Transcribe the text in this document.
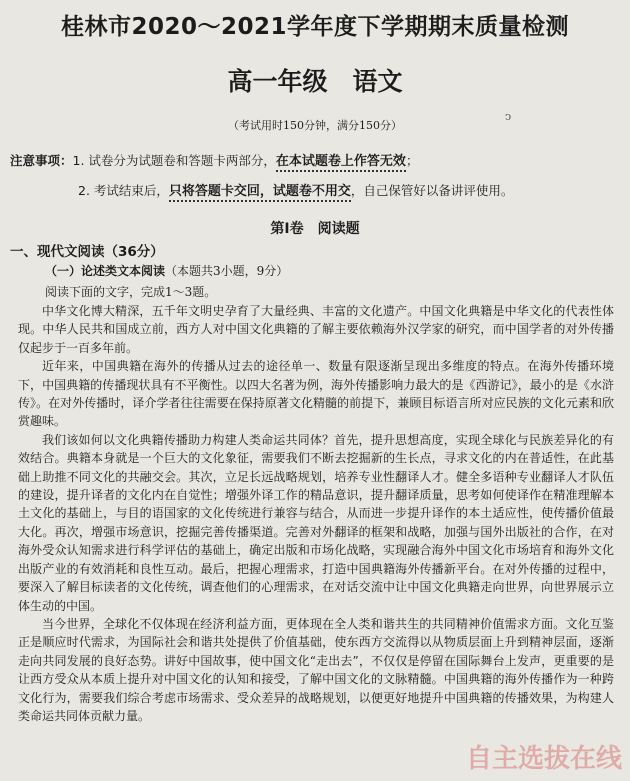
桂林市2020～2021学年度下学期期末质量检测
高一年级　语文
ͻ
（考试用时150分钟，满分150分）
注意事项：1. 试卷分为试题卷和答题卡两部分，在本试题卷上作答无效；
2. 考试结束后，只将答题卡交回，试题卷不用交，自己保管好以备讲评使用。
第Ⅰ卷　阅读题
一、现代文阅读（36分）
（一）论述类文本阅读（本题共3小题，9分）
阅读下面的文字，完成1～3题。

中华文化博大精深，五千年文明史孕育了大量经典、丰富的文化遗产。中国文化典籍是中华文化的代表性体现。中华人民共和国成立前，西方人对中国文化典籍的了解主要依赖海外汉学家的研究，而中国学者的对外传播仅起步于一百多年前。

近年来，中国典籍在海外的传播从过去的途径单一、数量有限逐渐呈现出多维度的特点。在海外传播环境下，中国典籍的传播现状具有不平衡性。以四大名著为例，海外传播影响力最大的是《西游记》，最小的是《水浒传》。在对外传播时，译介学者往往需要在保持原著文化精髓的前提下，兼顾目标语言所对应民族的文化元素和欣赏趣味。

我们该如何以文化典籍传播助力构建人类命运共同体？首先，提升思想高度，实现全球化与民族差异化的有效结合。典籍本身就是一个巨大的文化象征，需要我们不断去挖掘新的生长点，寻求文化的内在普适性，在此基础上助推不同文化的共融交会。其次，立足长远战略规划，培养专业性翻译人才。健全多语种专业翻译人才队伍的建设，提升译者的文化内在自觉性；增强外译工作的精品意识，提升翻译质量，思考如何使译作在精准理解本土文化的基础上，与目的语国家的文化传统进行兼容与结合，从而进一步提升译作的本土适应性，使传播价值最大化。再次，增强市场意识，挖掘完善传播渠道。完善对外翻译的框架和战略，加强与国外出版社的合作，在对海外受众认知需求进行科学评估的基础上，确定出版和市场化战略，实现融合海外中国文化市场培育和海外文化出版产业的有效消耗和良性互动。最后，把握心理需求，打造中国典籍海外传播新平台。在对外传播的过程中，要深入了解目标读者的文化传统，调查他们的心理需求，在对话交流中让中国文化典籍走向世界，向世界展示立体生动的中国。

当今世界，全球化不仅体现在经济利益方面，更体现在全人类和谐共生的共同精神价值需求方面。文化互鉴正是顺应时代需求，为国际社会和谐共处提供了价值基础，使东西方交流得以从物质层面上升到精神层面，逐渐走向共同发展的良好态势。讲好中国故事，使中国文化“走出去”，不仅仅是停留在国际舞台上发声，更重要的是让西方受众从本质上提升对中国文化的认知和接受，了解中国文化的文脉精髓。中国典籍的海外传播作为一种跨文化行为，需要我们综合考虑市场需求、受众差异的战略规划，以便更好地提升中国典籍的传播效果，为构建人类命运共同体贡献力量。

自主选拔在线
